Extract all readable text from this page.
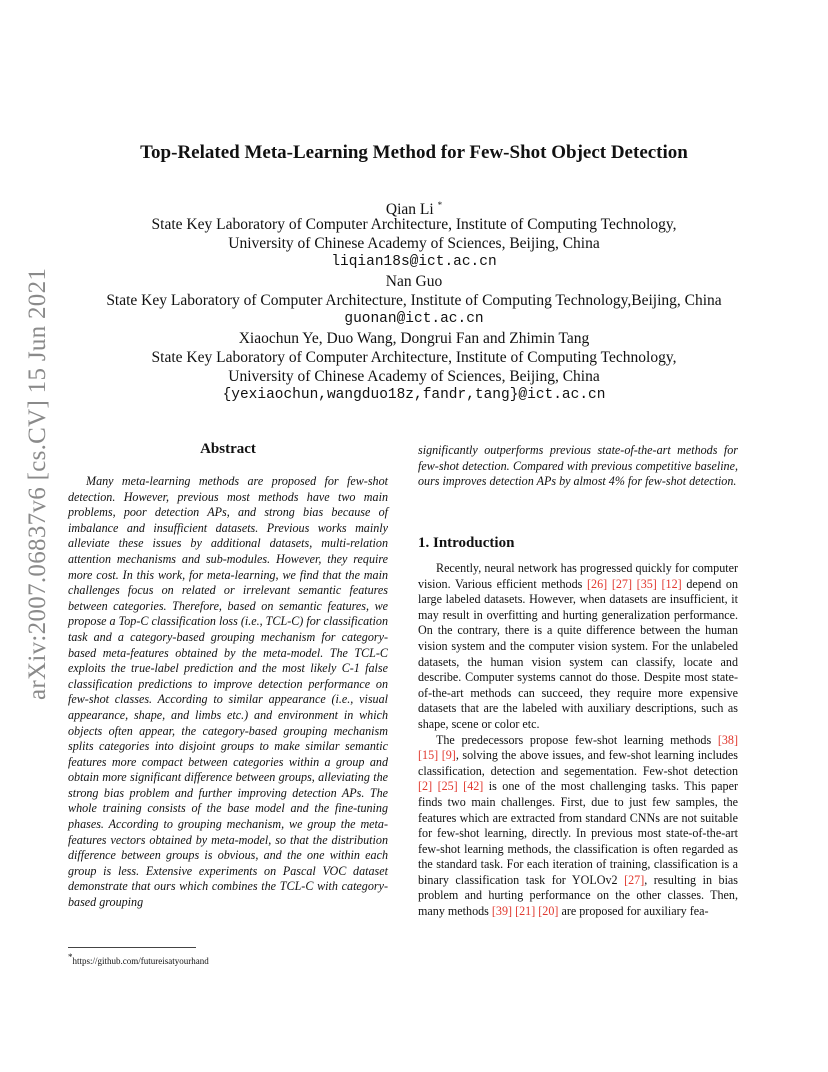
arXiv:2007.06837v6 [cs.CV] 15 Jun 2021
Top-Related Meta-Learning Method for Few-Shot Object Detection
Qian Li *
State Key Laboratory of Computer Architecture, Institute of Computing Technology,
University of Chinese Academy of Sciences, Beijing, China
liqian18s@ict.ac.cn
Nan Guo
State Key Laboratory of Computer Architecture, Institute of Computing Technology,Beijing, China
guonan@ict.ac.cn
Xiaochun Ye, Duo Wang, Dongrui Fan and Zhimin Tang
State Key Laboratory of Computer Architecture, Institute of Computing Technology,
University of Chinese Academy of Sciences, Beijing, China
{yexiaochun,wangduo18z,fandr,tang}@ict.ac.cn
Abstract

Many meta-learning methods are proposed for few-shot detection. However, previous most methods have two main problems, poor detection APs, and strong bias because of imbalance and insufficient datasets. Previous works mainly alleviate these issues by additional datasets, multi-relation attention mechanisms and sub-modules. However, they require more cost. In this work, for meta-learning, we find that the main challenges focus on related or irrelevant semantic features between categories. Therefore, based on semantic features, we propose a Top-C classification loss (i.e., TCL-C) for classification task and a category-based grouping mechanism for category-based meta-features obtained by the meta-model. The TCL-C exploits the true-label prediction and the most likely C-1 false classification predictions to improve detection performance on few-shot classes. According to similar appearance (i.e., visual appearance, shape, and limbs etc.) and environment in which objects often appear, the category-based grouping mechanism splits categories into disjoint groups to make similar semantic features more compact between categories within a group and obtain more significant difference between groups, alleviating the strong bias problem and further improving detection APs. The whole training consists of the base model and the fine-tuning phases. According to grouping mechanism, we group the meta-features vectors obtained by meta-model, so that the distribution difference between groups is obvious, and the one within each group is less. Extensive experiments on Pascal VOC dataset demonstrate that ours which combines the TCL-C with category-based grouping

significantly outperforms previous state-of-the-art methods for few-shot detection. Compared with previous competitive baseline, ours improves detection APs by almost 4% for few-shot detection.

1. Introduction

Recently, neural network has progressed quickly for computer vision. Various efficient methods [26] [27] [35] [12] depend on large labeled datasets. However, when datasets are insufficient, it may result in overfitting and hurting generalization performance. On the contrary, there is a quite difference between the human vision system and the computer vision system. For the unlabeled datasets, the human vision system can classify, locate and describe. Computer systems cannot do those. Despite most state-of-the-art methods can succeed, they require more expensive datasets that are the labeled with auxiliary descriptions, such as shape, scene or color etc.

The predecessors propose few-shot learning methods [38] [15] [9], solving the above issues, and few-shot learning includes classification, detection and segementation. Few-shot detection [2] [25] [42] is one of the most challenging tasks. This paper finds two main challenges. First, due to just few samples, the features which are extracted from standard CNNs are not suitable for few-shot learning, directly. In previous most state-of-the-art few-shot learning methods, the classification is often regarded as the standard task. For each iteration of training, classification is a binary classification task for YOLOv2 [27], resulting in bias problem and hurting performance on the other classes. Then, many methods [39] [21] [20] are proposed for auxiliary fea-

*https://github.com/futureisatyourhand
